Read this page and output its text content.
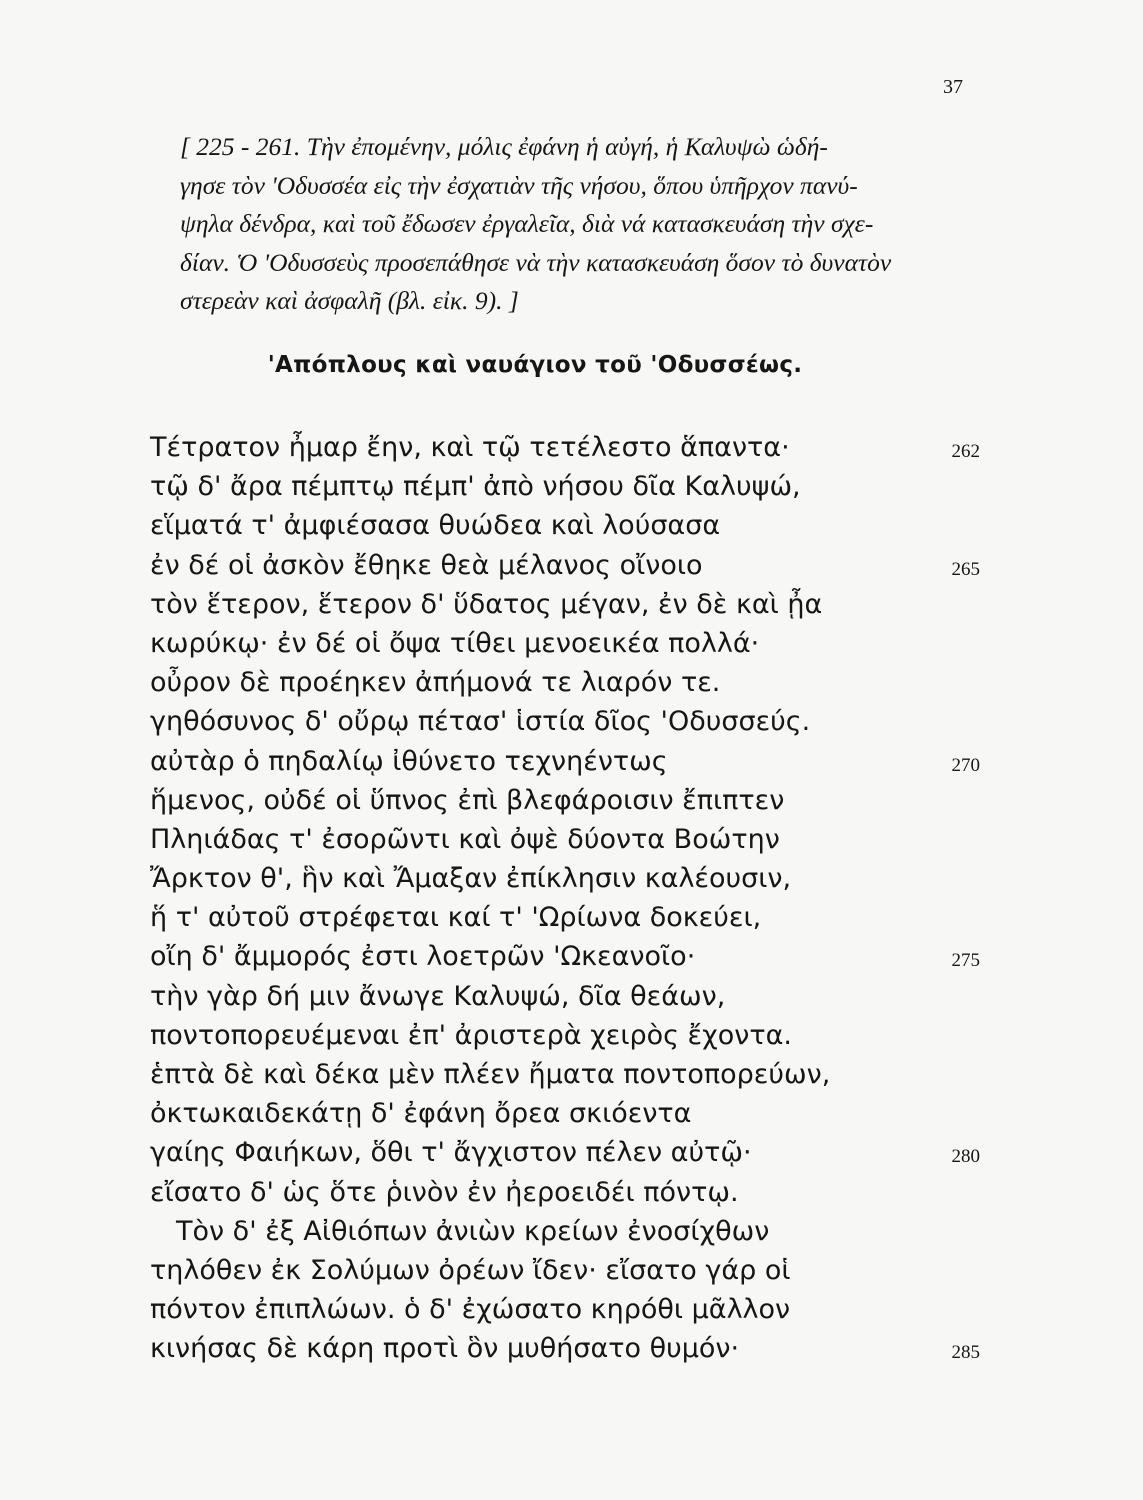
37
[ 225 - 261. Τὴν ἐπομένην, μόλις ἐφάνη ἡ αὐγή, ἡ Καλυψὼ ὡδή-
γησε τὸν 'Οδυσσέα εἰς τὴν ἐσχατιὰν τῆς νήσου, ὅπου ὑπῆρχον πανύ-
ψηλα δένδρα, καὶ τοῦ ἔδωσεν ἐργαλεῖα, διὰ νά κατασκευάση τὴν σχε-
δίαν. Ὁ 'Οδυσσεὺς προσεπάθησε νὰ τὴν κατασκευάση ὅσον τὸ δυνατὸν
στερεὰν καὶ ἀσφαλῆ (βλ. εἰκ. 9). ]
'Απόπλους καὶ ναυάγιον τοῦ 'Οδυσσέως.
Τέτρατον ἦμαρ ἔην, καὶ τῷ τετέλεστο ἅπαντα·	262
τῷ δ' ἄρα πέμπτῳ πέμπ' ἀπὸ νήσου δῖα Καλυψώ,
εἵματά τ' ἀμφιέσασα θυώδεα καὶ λούσασα
ἐν δέ οἱ ἀσκὸν ἔθηκε θεὰ μέλανος οἴνοιο	265
τὸν ἕτερον, ἕτερον δ' ὕδατος μέγαν, ἐν δὲ καὶ ᾖα
κωρύκῳ· ἐν δέ οἱ ὄψα τίθει μενοεικέα πολλά·
οὖρον δὲ προέηκεν ἀπήμονά τε λιαρόν τε.
γηθόσυνος δ' οὔρῳ πέτασ' ἱστία δῖος 'Οδυσσεύς.
αὐτὰρ ὁ πηδαλίῳ ἰθύνετο τεχνηέντως	270
ἥμενος, οὐδέ οἱ ὕπνος ἐπὶ βλεφάροισιν ἔπιπτεν
Πληιάδας τ' ἐσορῶντι καὶ ὀψὲ δύοντα Βοώτην
Ἄρκτον θ', ἣν καὶ Ἄμαξαν ἐπίκλησιν καλέουσιν,
ἥ τ' αὐτοῦ στρέφεται καί τ' 'Ωρίωνα δοκεύει,
οἴη δ' ἄμμορός ἐστι λοετρῶν 'Ωκεανοῖο·	275
τὴν γὰρ δή μιν ἄνωγε Καλυψώ, δῖα θεάων,
ποντοπορευέμεναι ἐπ' ἀριστερὰ χειρὸς ἔχοντα.
ἑπτὰ δὲ καὶ δέκα μὲν πλέεν ἤματα ποντοπορεύων,
ὀκτωκαιδεκάτῃ δ' ἐφάνη ὄρεα σκιόεντα
γαίης Φαιήκων, ὅθι τ' ἄγχιστον πέλεν αὐτῷ·	280
εἴσατο δ' ὡς ὅτε ῥινὸν ἐν ἠεροειδέι πόντῳ.
Τὸν δ' ἐξ Αἰθιόπων ἀνιὼν κρείων ἐνοσίχθων
τηλόθεν ἐκ Σολύμων ὀρέων ἴδεν· εἴσατο γάρ οἱ
πόντον ἐπιπλώων. ὁ δ' ἐχώσατο κηρόθι μᾶλλον
κινήσας δὲ κάρη προτὶ ὃν μυθήσατο θυμόν·	285
